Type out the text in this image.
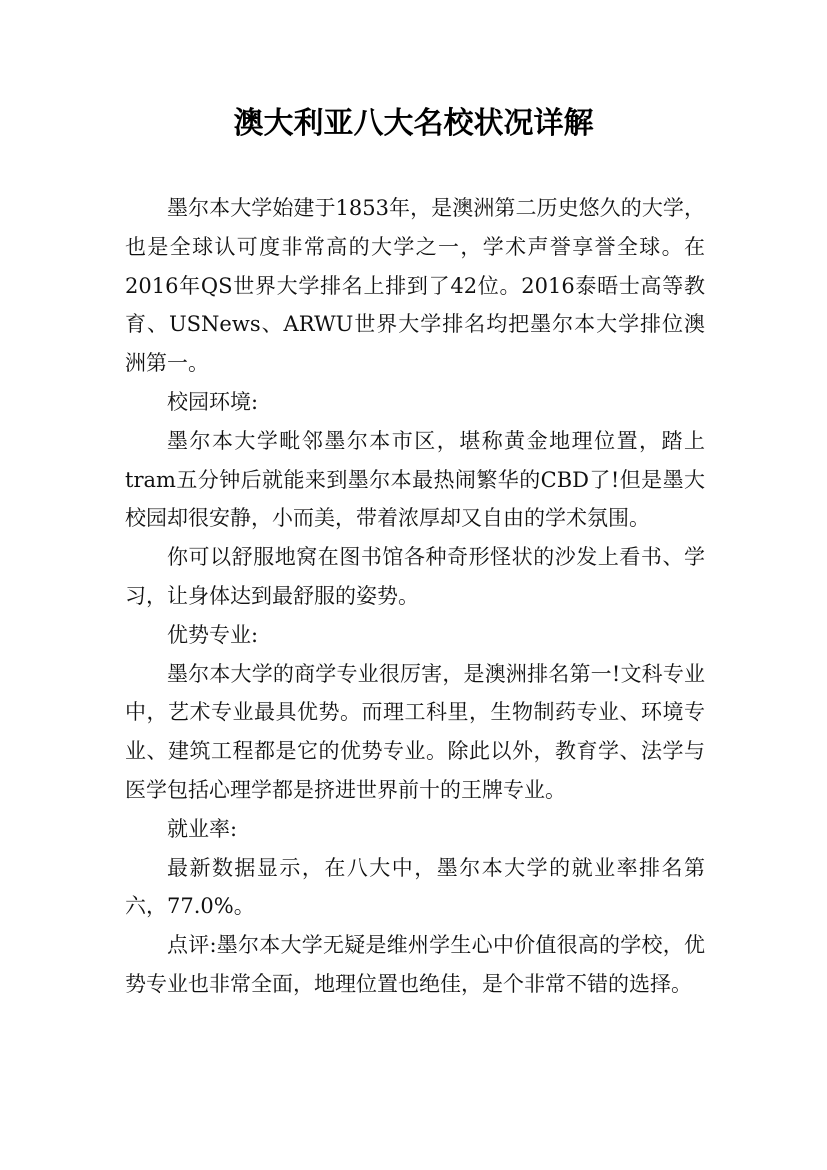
澳大利亚八大名校状况详解

墨尔本大学始建于1853年，是澳洲第二历史悠久的大学，也是全球认可度非常高的大学之一，学术声誉享誉全球。在2016年QS世界大学排名上排到了42位。2016泰晤士高等教育、USNews、ARWU世界大学排名均把墨尔本大学排位澳洲第一。

校园环境:

墨尔本大学毗邻墨尔本市区，堪称黄金地理位置，踏上tram五分钟后就能来到墨尔本最热闹繁华的CBD了!但是墨大校园却很安静，小而美，带着浓厚却又自由的学术氛围。

你可以舒服地窝在图书馆各种奇形怪状的沙发上看书、学习，让身体达到最舒服的姿势。

优势专业:

墨尔本大学的商学专业很厉害，是澳洲排名第一!文科专业中，艺术专业最具优势。而理工科里，生物制药专业、环境专业、建筑工程都是它的优势专业。除此以外，教育学、法学与医学包括心理学都是挤进世界前十的王牌专业。

就业率:

最新数据显示，在八大中，墨尔本大学的就业率排名第六，77.0%。

点评:墨尔本大学无疑是维州学生心中价值很高的学校，优势专业也非常全面，地理位置也绝佳，是个非常不错的选择。
